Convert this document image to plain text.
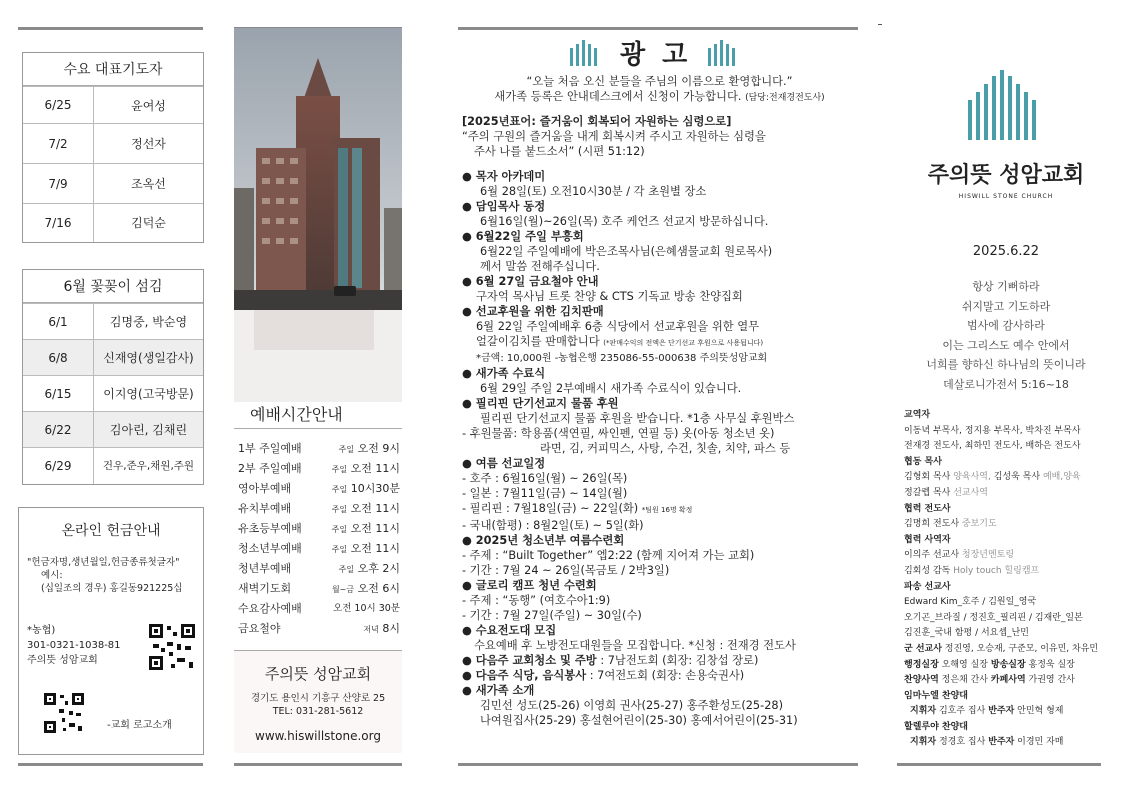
수요 대표기도자
6/25	윤여성
7/2	정선자
7/9	조옥선
7/16	김덕순
6월 꽃꽂이 섬김
6/1	김명중, 박순영
6/8	신재영(생일감사)
6/15	이지영(고국방문)
6/22	김아린, 김채린
6/29	건우,준우,채원,주원
온라인 헌금안내
"헌금자명,생년월일,헌금종류첫글자"
예시:
(십일조의 경우) 홍길동921225십
*농협)
301-0321-1038-81
주의뜻 성암교회
-교회 로고소개
예배시간안내
1부 주일예배	주일 오전 9시
2부 주일예배	주일 오전 11시
영아부예배	주일 10시30분
유치부예배	주일 오전 11시
유초등부예배	주일 오전 11시
청소년부예배	주일 오전 11시
청년부예배	주일 오후 2시
새벽기도회	월~금 오전 6시
수요감사예배	오전 10시 30분
금요철야	저녁 8시
주의뜻 성암교회
경기도 용인시 기흥구 산양로 25
TEL: 031-281-5612
www.hiswillstone.org
광 고
“오늘 처음 오신 분들을 주님의 이름으로 환영합니다.”
새가족 등록은 안내데스크에서 신청이 가능합니다. (담당:전재경전도사)
[2025년표어: 즐거움이 회복되어 자원하는 심령으로]
“주의 구원의 즐거움을 내게 회복시켜 주시고 자원하는 심령을
주사 나를 붙드소서” (시편 51:12)
● 목자 아카데미
6월 28일(토) 오전10시30분 / 각 초원별 장소
● 담임목사 동정
6월16일(월)~26일(목) 호주 케언즈 선교지 방문하십니다.
● 6월22일 주일 부흥회
6월22일 주일예배에 박은조목사님(은혜샘물교회 원로목사)
께서 말씀 전해주십니다.
● 6월 27일 금요철야 안내
구자억 목사님 트롯 찬양 & CTS 기독교 방송 찬양집회
● 선교후원을 위한 김치판매
6월 22일 주일예배후 6층 식당에서 선교후원을 위한 열무
얼갈이김치를 판매합니다 (*판매수익의 전액은 단기선교 후원으로 사용됩니다)
*금액: 10,000원 -농협은행 235086-55-000638 주의뜻성암교회
● 새가족 수료식
6월 29일 주일 2부예배시 새가족 수료식이 있습니다.
● 필리핀 단기선교지 물품 후원
필리핀 단기선교지 물품 후원을 받습니다. *1층 사무실 후원박스
- 후원물품: 학용품(색연필, 싸인펜, 연필 등) 옷(아동 청소년 옷)
라면, 김, 커피믹스, 사탕, 수건, 칫솔, 치약, 파스 등
● 여름 선교일정
- 호주 : 6월16일(월) ~ 26일(목)
- 일본 : 7월11일(금) ~ 14일(월)
- 필리핀 : 7월18일(금) ~ 22일(화) *팀원 16명 확정
- 국내(함평) : 8월2일(토) ~ 5일(화)
● 2025년 청소년부 여름수련회
- 주제 : “Built Together” 엡2:22 (함께 지어져 가는 교회)
- 기간 : 7월 24 ~ 26일(목금토 / 2박3일)
● 글로리 캠프 청년 수련회
- 주제 : “동행” (여호수아1:9)
- 기간 : 7월 27일(주일) ~ 30일(수)
● 수요전도대 모집
수요예배 후 노방전도대원들을 모집합니다. *신청 : 전재경 전도사
● 다음주 교회청소 및 주방 : 7남전도회 (회장: 김창섭 장로)
● 다음주 식당, 음식봉사 : 7여전도회 (회장: 손용숙권사)
● 새가족 소개
김민선 성도(25-26) 이영희 권사(25-27) 홍주환성도(25-28)
나여원집사(25-29) 홍설현어린이(25-30) 홍예서어린이(25-31)
주의뜻 성암교회
HISWILL STONE CHURCH
2025.6.22
항상 기뻐하라
쉬지말고 기도하라
범사에 감사하라
이는 그리스도 예수 안에서
너희를 향하신 하나님의 뜻이니라
데살로니가전서 5:16~18
교역자
이동녁 부목사, 정지용 부목사, 박차진 부목사
전재경 전도사, 최하민 전도사, 배하은 전도사
협동 목사
김형회 목사 양육사역, 김성욱 목사 예배,양육
정갈렙 목사 선교사역
협력 전도사
김명희 전도사 중보기도
협력 사역자
이의주 선교사 청장년멘토링
김회성 감독 Holy touch 힐링캠프
파송 선교사
Edward Kim_호주 / 김원일_영국
오기곤_브라질 / 정진호_필리핀 / 김재란_일본
김진훈_국내 함평 / 서요셉_난민
군 선교사 정진영, 오승재, 구준모, 이유민, 차유민
행정실장 오해영 실장 방송실장 홍정욱 실장
찬양사역 정은채 간사 카페사역 가권영 간사
임마누엘 찬양대
지휘자 김호주 집사 반주자 안민혁 형제
할렐루야 찬양대
지휘자 정경호 집사 반주자 이경민 자매
